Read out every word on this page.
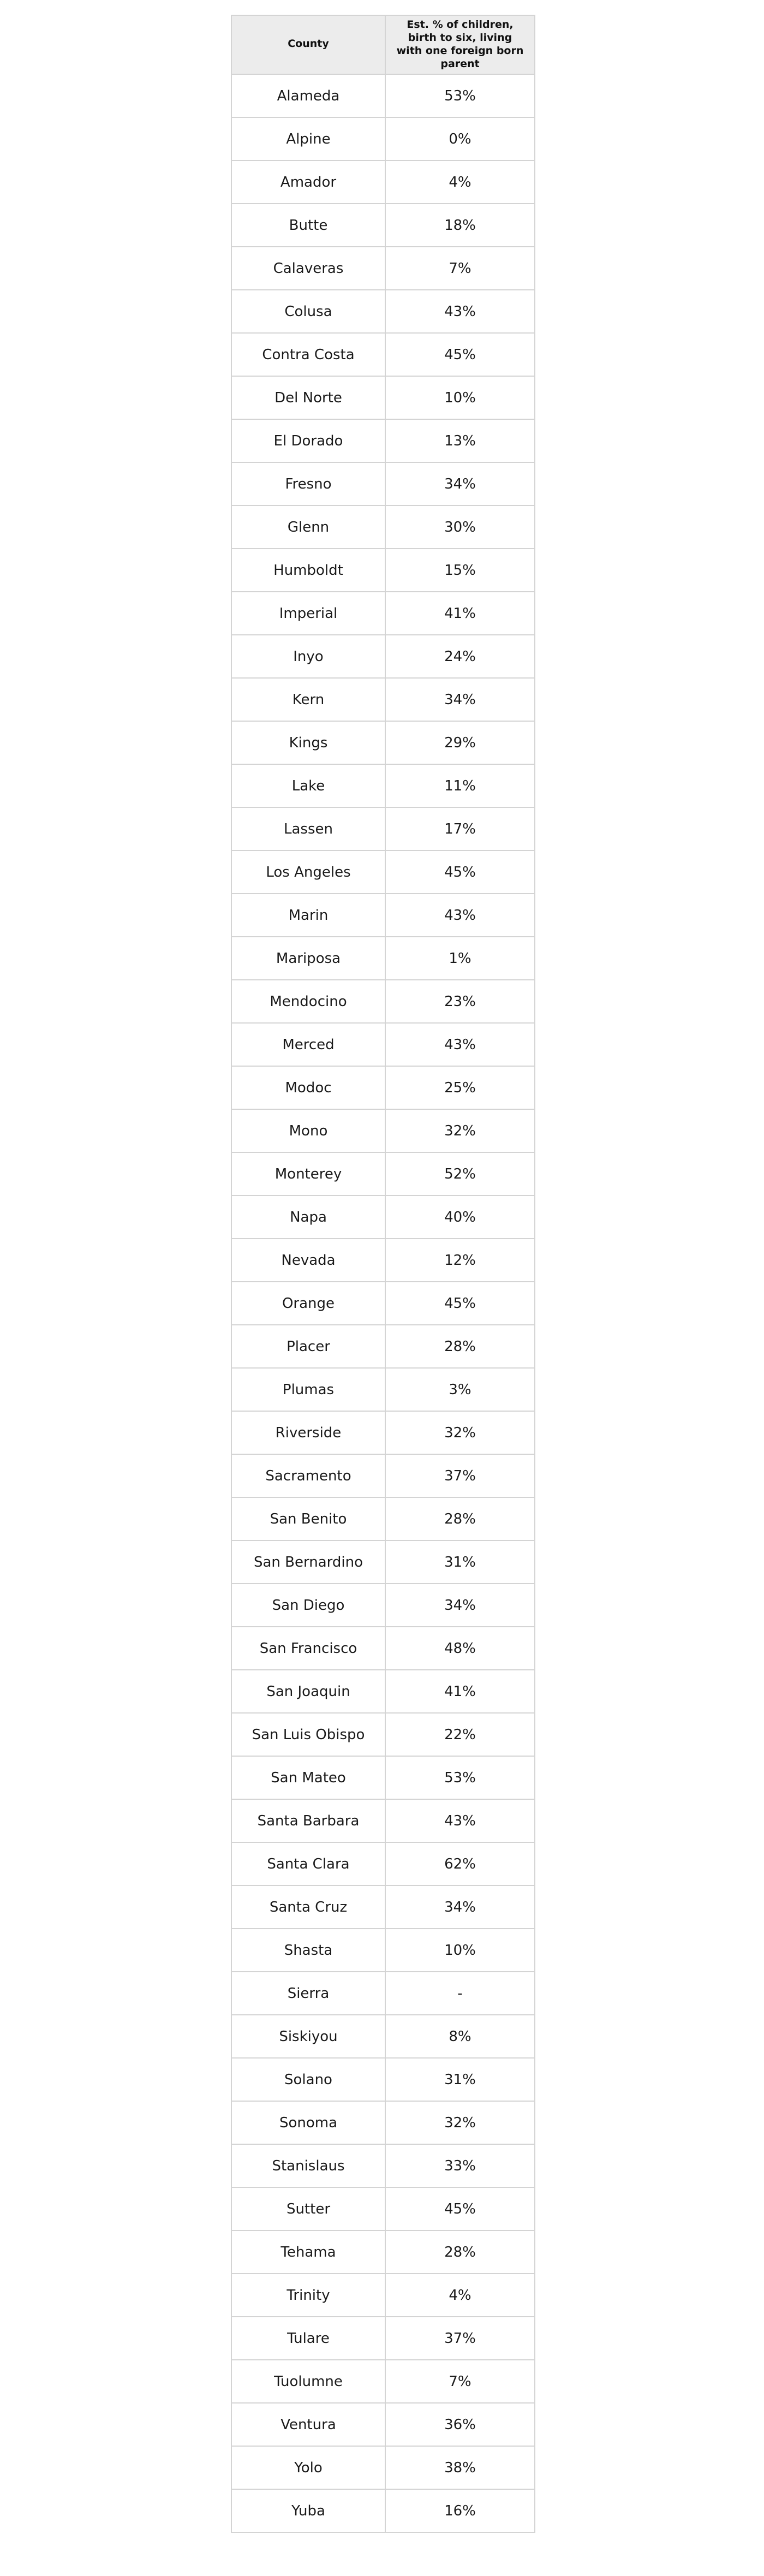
County	Est. % of children, birth to six, living with one foreign born parent
Alameda	53%
Alpine	0%
Amador	4%
Butte	18%
Calaveras	7%
Colusa	43%
Contra Costa	45%
Del Norte	10%
El Dorado	13%
Fresno	34%
Glenn	30%
Humboldt	15%
Imperial	41%
Inyo	24%
Kern	34%
Kings	29%
Lake	11%
Lassen	17%
Los Angeles	45%
Marin	43%
Mariposa	1%
Mendocino	23%
Merced	43%
Modoc	25%
Mono	32%
Monterey	52%
Napa	40%
Nevada	12%
Orange	45%
Placer	28%
Plumas	3%
Riverside	32%
Sacramento	37%
San Benito	28%
San Bernardino	31%
San Diego	34%
San Francisco	48%
San Joaquin	41%
San Luis Obispo	22%
San Mateo	53%
Santa Barbara	43%
Santa Clara	62%
Santa Cruz	34%
Shasta	10%
Sierra	-
Siskiyou	8%
Solano	31%
Sonoma	32%
Stanislaus	33%
Sutter	45%
Tehama	28%
Trinity	4%
Tulare	37%
Tuolumne	7%
Ventura	36%
Yolo	38%
Yuba	16%
